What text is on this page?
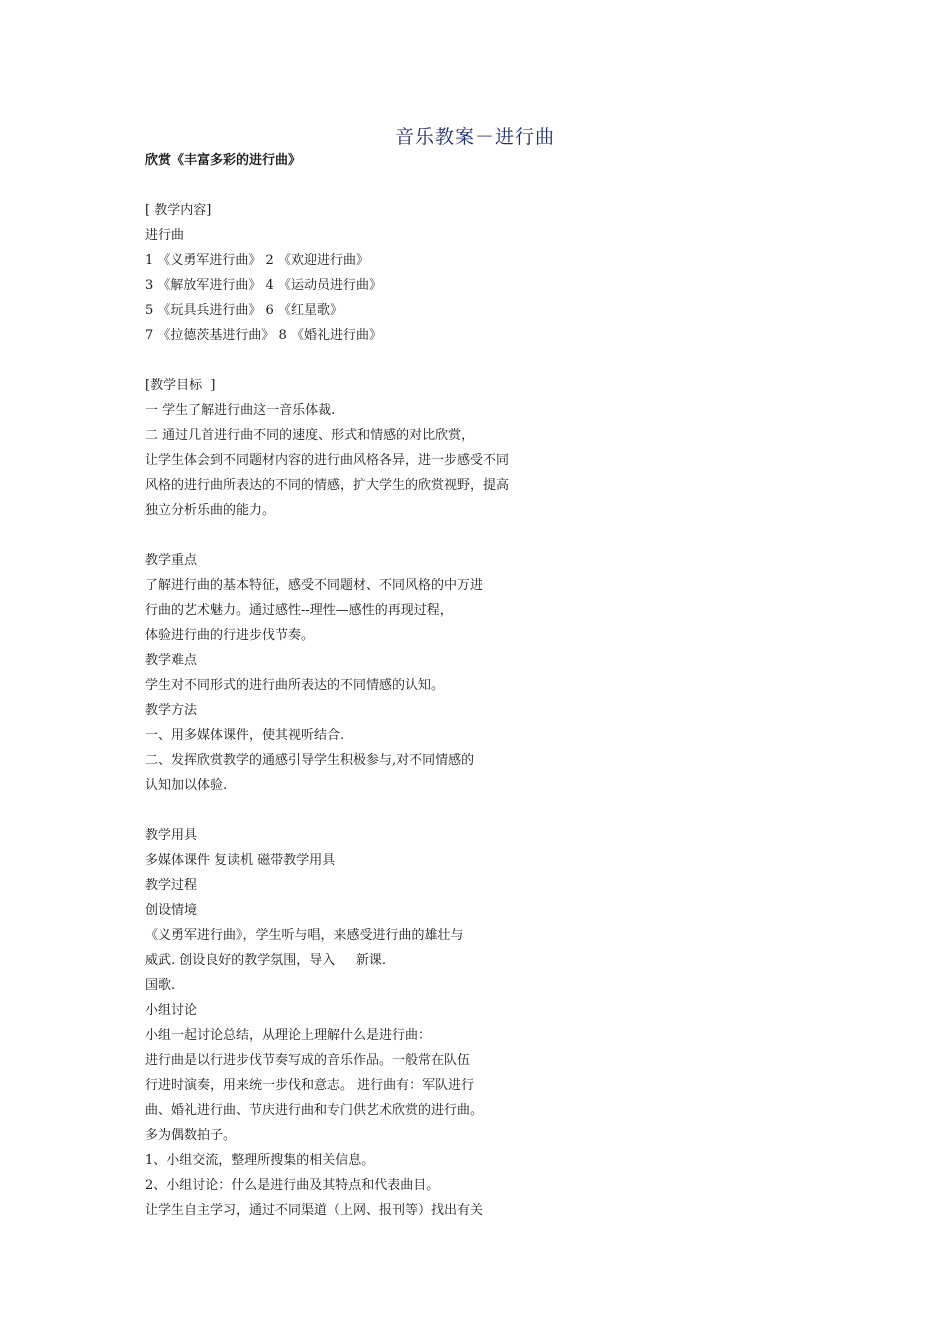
音乐教案－进行曲
欣赏《丰富多彩的进行曲》
[ 教学内容]
进行曲
1 《义勇军进行曲》 2 《欢迎进行曲》
3 《解放军进行曲》 4 《运动员进行曲》
5 《玩具兵进行曲》 6 《红星歌》
7 《拉德茨基进行曲》 8 《婚礼进行曲》
[教学目标  ]
一 学生了解进行曲这一音乐体裁.
二 通过几首进行曲不同的速度、形式和情感的对比欣赏，
让学生体会到不同题材内容的进行曲风格各异，进一步感受不同
风格的进行曲所表达的不同的情感，扩大学生的欣赏视野，提高
独立分析乐曲的能力。
教学重点
了解进行曲的基本特征，感受不同题材、不同风格的中万进
行曲的艺术魅力。通过感性--理性—感性的再现过程，
体验进行曲的行进步伐节奏。
教学难点
学生对不同形式的进行曲所表达的不同情感的认知。
教学方法
一、用多媒体课件，使其视听结合.
二、发挥欣赏教学的通感引导学生积极参与,对不同情感的
认知加以体验.
教学用具
多媒体课件 复读机 磁带教学用具
教学过程
创设情境
《义勇军进行曲》，学生听与唱，来感受进行曲的雄壮与
威武. 创设良好的教学氛围，导入     新课.
国歌.
小组讨论
小组一起讨论总结，从理论上理解什么是进行曲：
进行曲是以行进步伐节奏写成的音乐作品。一般常在队伍
行进时演奏，用来统一步伐和意志。 进行曲有：军队进行
曲、婚礼进行曲、节庆进行曲和专门供艺术欣赏的进行曲。
多为偶数拍子。
1、小组交流，整理所搜集的相关信息。
2、小组讨论：什么是进行曲及其特点和代表曲目。
让学生自主学习，通过不同渠道（上网、报刊等）找出有关
